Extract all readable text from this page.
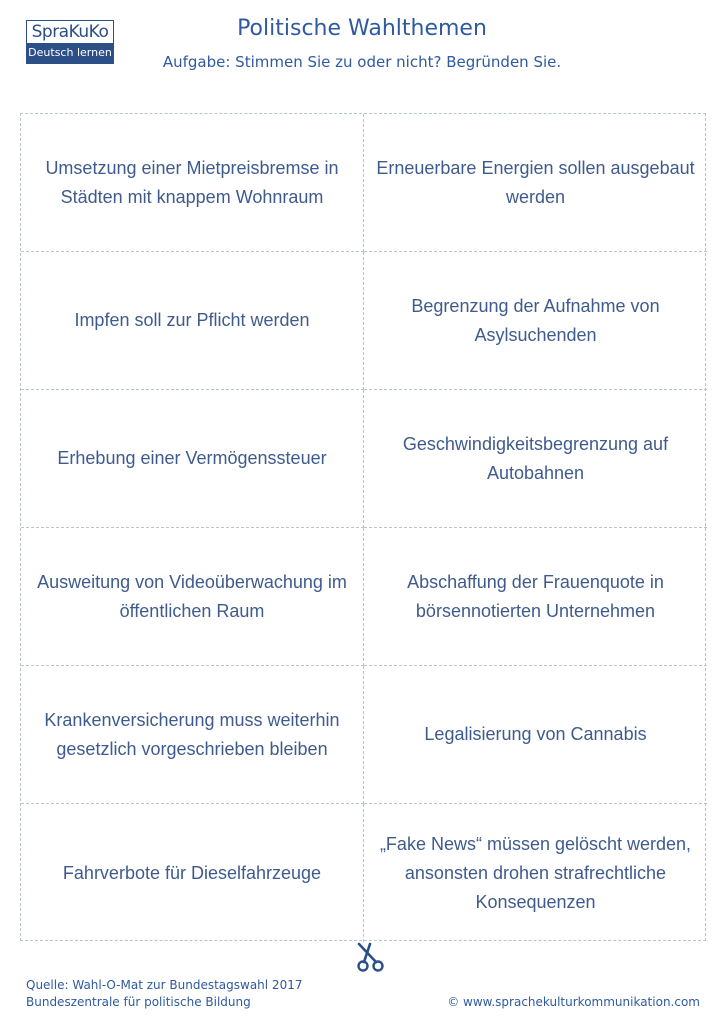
SpraKuKo
Deutsch lernen
Politische Wahlthemen
Aufgabe: Stimmen Sie zu oder nicht? Begründen Sie.
Umsetzung einer Mietpreisbremse in Städten mit knappem Wohnraum
Erneuerbare Energien sollen ausgebaut werden
Impfen soll zur Pflicht werden
Begrenzung der Aufnahme von Asylsuchenden
Erhebung einer Vermögenssteuer
Geschwindigkeitsbegrenzung auf Autobahnen
Ausweitung von Videoüberwachung im öffentlichen Raum
Abschaffung der Frauenquote in börsennotierten Unternehmen
Krankenversicherung muss weiterhin gesetzlich vorgeschrieben bleiben
Legalisierung von Cannabis
Fahrverbote für Dieselfahrzeuge
„Fake News“ müssen gelöscht werden, ansonsten drohen strafrechtliche Konsequenzen
Quelle: Wahl-O-Mat zur Bundestagswahl 2017
Bundeszentrale für politische Bildung	© www.sprachekulturkommunikation.com
